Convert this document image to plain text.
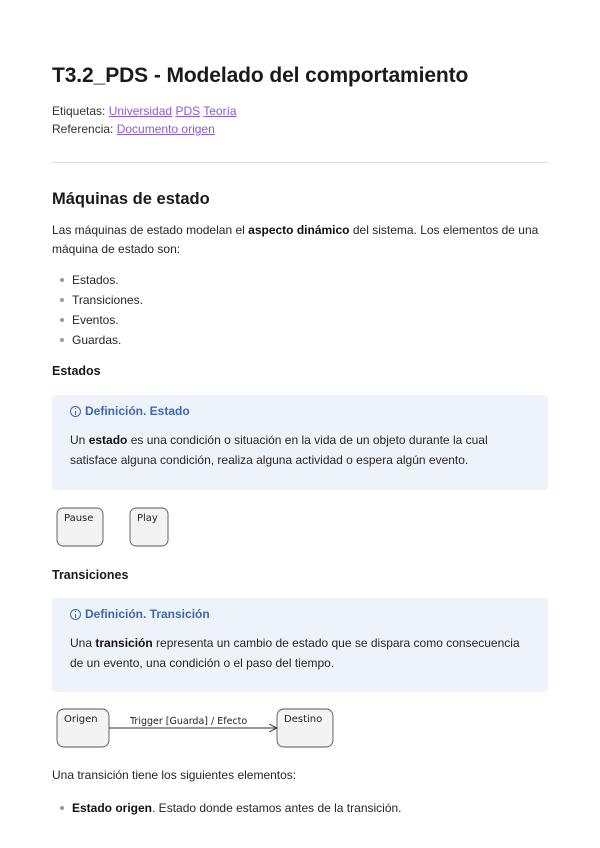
T3.2_PDS - Modelado del comportamiento
Etiquetas: Universidad PDS Teoría
Referencia: Documento origen
Máquinas de estado

Las máquinas de estado modelan el aspecto dinámico del sistema. Los elementos de una máquina de estado son:

Estados.
Transiciones.
Eventos.
Guardas.
Estados
Definición. Estado
Un estado es una condición o situación en la vida de un objeto durante la cual satisface alguna condición, realiza alguna actividad o espera algún evento.
Pause	Play
Transiciones
Definición. Transición
Una transición representa un cambio de estado que se dispara como consecuencia de un evento, una condición o el paso del tiempo.
Origen	Trigger [Guarda] / Efecto	Destino

Una transición tiene los siguientes elementos:

Estado origen. Estado donde estamos antes de la transición.
